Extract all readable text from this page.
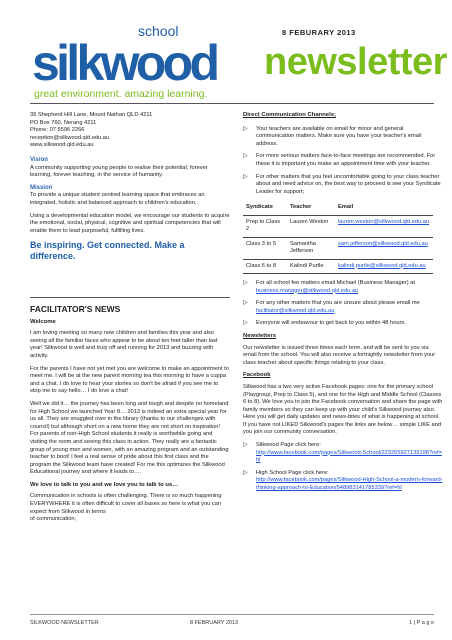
8 FEBURARY 2013
school
silkwood
great environment. amazing learning.
newsletter
39 Shepherd Hill Lane, Mount Nathan QLD 4211
PO Box 760, Nerang 4211
Phone: 07 5596 2266
reception@silkwood.qld.edu.au
www.silkwood.qld.edu.au
Vision

A community supporting young people to realise their potential; forever learning, forever teaching, in the service of humanity.

Mission

To provide a unique student centred learning space that embraces an integrated, holistic and balanced approach to children's education.

Using a developmental education model, we encourage our students to acquire the emotional, social, physical, cognitive and spiritual competencies that will enable them to lead purposeful, fulfilling lives.

Be inspiring. Get connected. Make a difference.
FACILITATOR'S NEWS
Welcome

I am loving meeting so many new children and families this year and also seeing all the familiar faces who appear to be about ten feet taller than last year! Silkwood is well and truly off and running for 2013 and buzzing with activity.

For the parents I have not yet met you are welcome to make an appointment to meet me. I will be at the new parent morning tea this morning to have a cuppa and a chat. I do love to hear your stories so don't be afraid if you see me to stop me to say hello… I do love a chat!

Well we did it… the journey has been long and tough and despite no homeland for High School we launched Year 8… 2013 is indeed an extra special year for us all. They are snuggled over in the library (thanks to our challenges with council) but although short on a new home they are not short on inspiration! For parents of non-High School students it really is worthwhile going and visiting the room and seeing this class in action. They really are a fantastic group of young men and women, with an amazing program and an outstanding teacher to boot! I feel a real sense of pride about this first class and the program the Silkwood team have created! For me this optimizes the Silkwood Educational journey and where it leads to….

We love to talk to you and we love you to talk to us…

Communication in schools is often challenging. There is so much happening EVERYWHERE it is often difficult to cover all bases so here is what you can expect from Silkwood in terms

of communication;

Direct Communication Channels;
▷	Your teachers are available on email for minor and general communication matters. Make sure you have your teacher's email address.
▷	For more serious matters face-to-face meetings are recommended. For these it is important you make an appointment time with your teacher.
▷	For other matters that you feel uncomfortable going to your class teacher about and need advice on, the best way to proceed is see your Syndicate Leader for support;
Syndicate	Teacher	Email
Prep to Class 2	Lauren Weston	lauren.weston@silkwood.qld.edu.au
Class 3 to 5	Samantha Jefferson	sam.jefferson@silkwood.qld.edu.au
Class 6 to 8	Kalindi Purtle	kalindi.purtle@silkwood.qld.edu.au
▷	For all school fee matters email Michael (Business Manager) at business.manager@silkwood.qld.edu.au
▷	For any other matters that you are unsure about please email me facilitator@silkwood.qld.edu.au
▷	Everyone will endeavour to get back to you within 48 hours.
Newsletters

Our newsletter is issued three times each term, and will be sent to you via email from the school. You will also receive a fortnightly newsletter from your class teacher about specific things relating to your class.

Facebook

Silkwood has a two very active Facebook pages: one for the primary school (Playgroup, Prep to Class 5), and one for the High and Middle School (Classes 6 to 8). We love you to join the Facebook conversation and share the page with family members so they can keep up with your child's Silkwood journey also. Here you will get daily updates and news-bites of what is happening at school. If you have not LIKED Silkwood's pages the links are below… simple LIKE and you join our community conversation.

▷	Silkwood Page click here:
http://www.facebook.com/pages/Silkwood-School/229265927139198?ref=hl
▷	High School Page click here:
http://www.facebook.com/pages/Silkwood-High-School-a-modern-forward-thinking-approach-to-Education/548983141785339?ref=hl
SILKWOOD NEWSLETTER	8 FEBRUARY 2013	1 | P a g e
